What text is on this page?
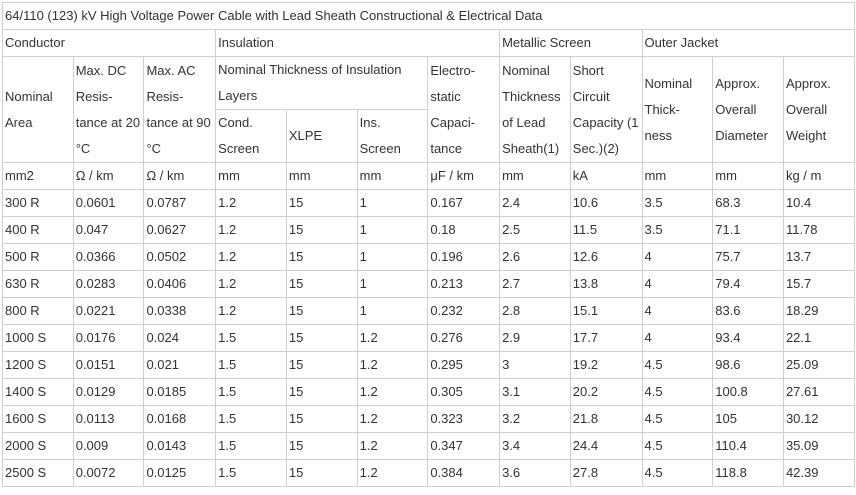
64/110 (123) kV High Voltage Power Cable with Lead Sheath Constructional & Electrical Data											
Conductor			Insulation				Metallic Screen		Outer Jacket		
Nominal Area	Max. DC Resis- tance at 20 °C	Max. AC Resis- tance at 90 °C	Nominal Thickness of Insulation Layers			Electro- static Capaci- tance	Nominal Thickness of Lead Sheath(1)	Short Circuit Capacity (1 Sec.)(2)	Nominal Thick- ness	Approx. Overall Diameter	Approx. Overall Weight
			Cond. Screen	XLPE	Ins. Screen						
mm2	Ω / km	Ω / km	mm	mm	mm	μF / km	mm	kA	mm	mm	kg / m
300 R	0.0601	0.0787	1.2	15	1	0.167	2.4	10.6	3.5	68.3	10.4
400 R	0.047	0.0627	1.2	15	1	0.18	2.5	11.5	3.5	71.1	11.78
500 R	0.0366	0.0502	1.2	15	1	0.196	2.6	12.6	4	75.7	13.7
630 R	0.0283	0.0406	1.2	15	1	0.213	2.7	13.8	4	79.4	15.7
800 R	0.0221	0.0338	1.2	15	1	0.232	2.8	15.1	4	83.6	18.29
1000 S	0.0176	0.024	1.5	15	1.2	0.276	2.9	17.7	4	93.4	22.1
1200 S	0.0151	0.021	1.5	15	1.2	0.295	3	19.2	4.5	98.6	25.09
1400 S	0.0129	0.0185	1.5	15	1.2	0.305	3.1	20.2	4.5	100.8	27.61
1600 S	0.0113	0.0168	1.5	15	1.2	0.323	3.2	21.8	4.5	105	30.12
2000 S	0.009	0.0143	1.5	15	1.2	0.347	3.4	24.4	4.5	110.4	35.09
2500 S	0.0072	0.0125	1.5	15	1.2	0.384	3.6	27.8	4.5	118.8	42.39
